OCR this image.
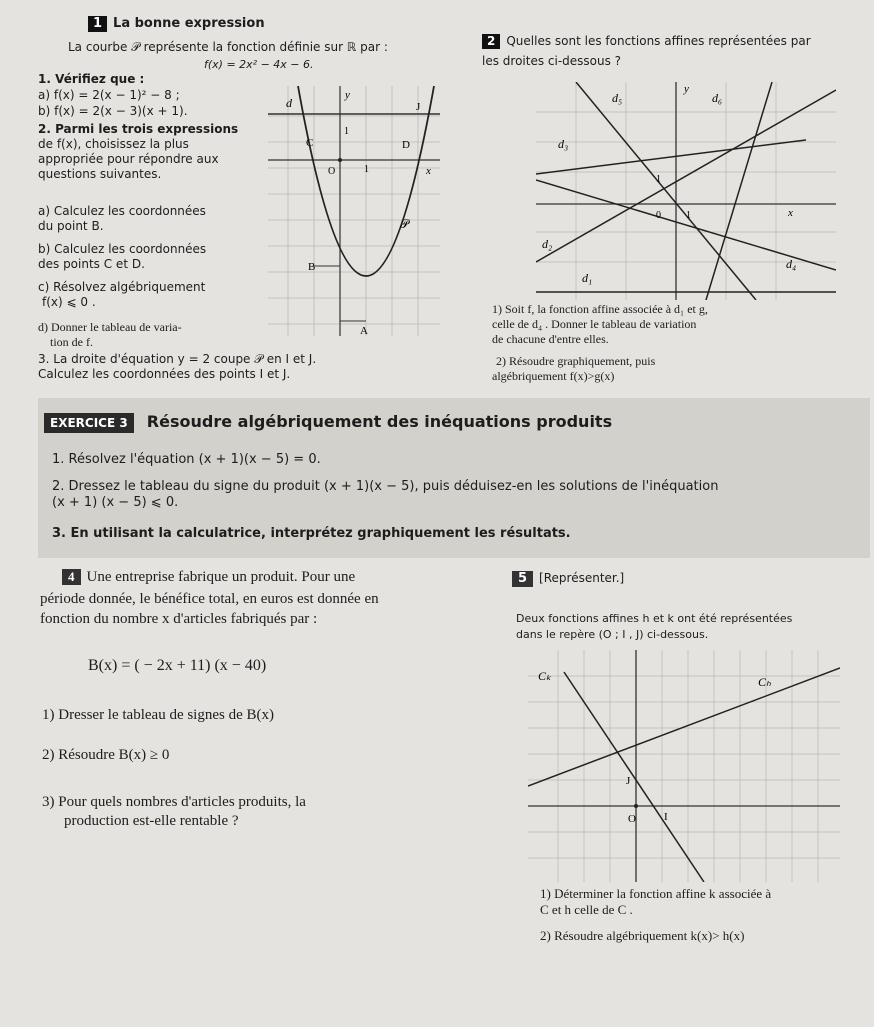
1 La bonne expression
La courbe 𝒫 représente la fonction définie sur ℝ par :
f(x) = 2x² − 4x − 6.
1. Vérifiez que :
a) f(x) = 2(x − 1)² − 8 ;
b) f(x) = 2(x − 3)(x + 1).
2. Parmi les trois expressions
de f(x), choisissez la plus
appropriée pour répondre aux
questions suivantes.
a) Calculez les coordonnées
du point B.
b) Calculez les coordonnées
des points C et D.
c) Résolvez algébriquement
f(x) ⩽ 0 .
d) Donner le tableau de varia-
tion de f.
3. La droite d'équation y = 2 coupe 𝒫 en I et J.
Calculez les coordonnées des points I et J.
d
y
J
C	D
1
O	1	x
𝒫
B
A
2 Quelles sont les fonctions affines représentées par
les droites ci-dessous ?
d₅
y
d₆
d₃
1
0	1	x
d₂
d₄
d₁
1) Soit f, la fonction affine associée à d₁ et g,
celle de d₄ . Donner le tableau de variation
de chacune d'entre elles.
2) Résoudre graphiquement, puis
algébriquement f(x)>g(x)
EXERCICE 3 Résoudre algébriquement des inéquations produits
1. Résolvez l'équation (x + 1)(x − 5) = 0.
2. Dressez le tableau du signe du produit (x + 1)(x − 5), puis déduisez-en les solutions de l'inéquation
(x + 1) (x − 5) ⩽ 0.
3. En utilisant la calculatrice, interprétez graphiquement les résultats.
4 Une entreprise fabrique un produit. Pour une
période donnée, le bénéfice total, en euros est donnée en
fonction du nombre x d'articles fabriqués par :
B(x) = ( − 2x + 11) (x − 40)
1) Dresser le tableau de signes de B(x)
2) Résoudre B(x) ≥ 0
3) Pour quels nombres d'articles produits, la
production est-elle rentable ?
5 [Représenter.]
Deux fonctions affines h et k ont été représentées
dans le repère (O ; I , J) ci-dessous.
Cₖ	Cₕ
J
O	I
1) Déterminer la fonction affine k associée à
C et h celle de C .
2) Résoudre algébriquement k(x)> h(x)
